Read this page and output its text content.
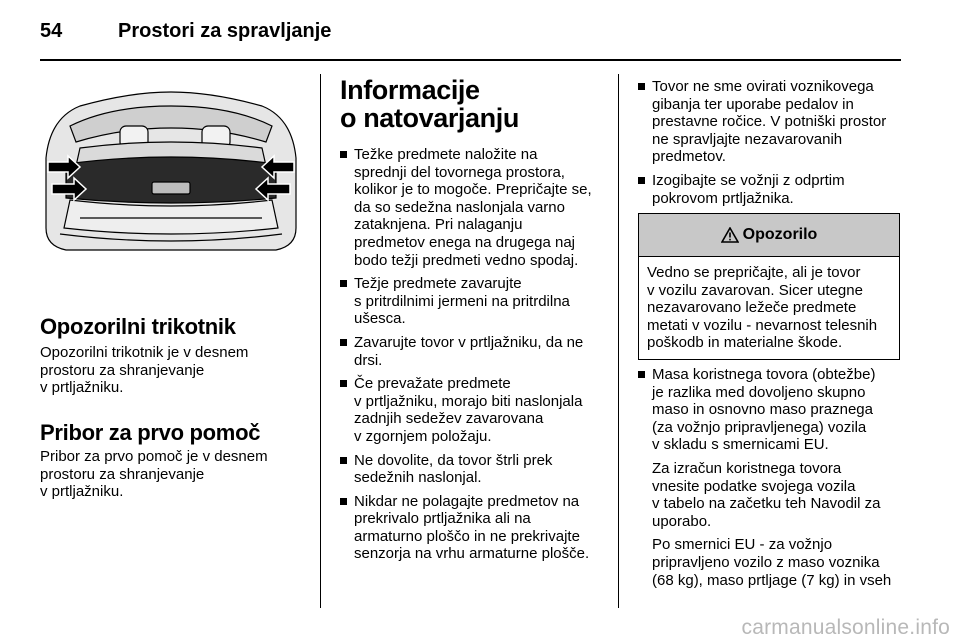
54	Prostori za spravljanje
Opozorilni trikotnik
Opozorilni trikotnik je v desnem
prostoru za shranjevanje
v prtljažniku.
Pribor za prvo pomoč
Pribor za prvo pomoč je v desnem
prostoru za shranjevanje
v prtljažniku.
Informacije
o natovarjanju
Težke predmete naložite na
sprednji del tovornega prostora,
kolikor je to mogoče. Prepričajte se,
da so sedežna naslonjala varno
zataknjena. Pri nalaganju
predmetov enega na drugega naj
bodo težji predmeti vedno spodaj.
Težje predmete zavarujte
s pritrdilnimi jermeni na pritrdilna
ušesca.
Zavarujte tovor v prtljažniku, da ne
drsi.
Če prevažate predmete
v prtljažniku, morajo biti naslonjala
zadnjih sedežev zavarovana
v zgornjem položaju.
Ne dovolite, da tovor štrli prek
sedežnih naslonjal.
Nikdar ne polagajte predmetov na
prekrivalo prtljažnika ali na
armaturno ploščo in ne prekrivajte
senzorja na vrhu armaturne plošče.
Tovor ne sme ovirati voznikovega
gibanja ter uporabe pedalov in
prestavne ročice. V potniški prostor
ne spravljajte nezavarovanih
predmetov.
Izogibajte se vožnji z odprtim
pokrovom prtljažnika.
Masa koristnega tovora (obtežbe)
je razlika med dovoljeno skupno
maso in osnovno maso praznega
(za vožnjo pripravljenega) vozila
v skladu s smernicami EU.
Za izračun koristnega tovora
vnesite podatke svojega vozila
v tabelo na začetku teh Navodil za
uporabo.
Po smernici EU - za vožnjo
pripravljeno vozilo z maso voznika
(68 kg), maso prtljage (7 kg) in vseh
Opozorilo
Vedno se prepričajte, ali je tovor
v vozilu zavarovan. Sicer utegne
nezavarovano ležeče predmete
metati v vozilu - nevarnost telesnih
poškodb in materialne škode.
carmanualsonline.info
